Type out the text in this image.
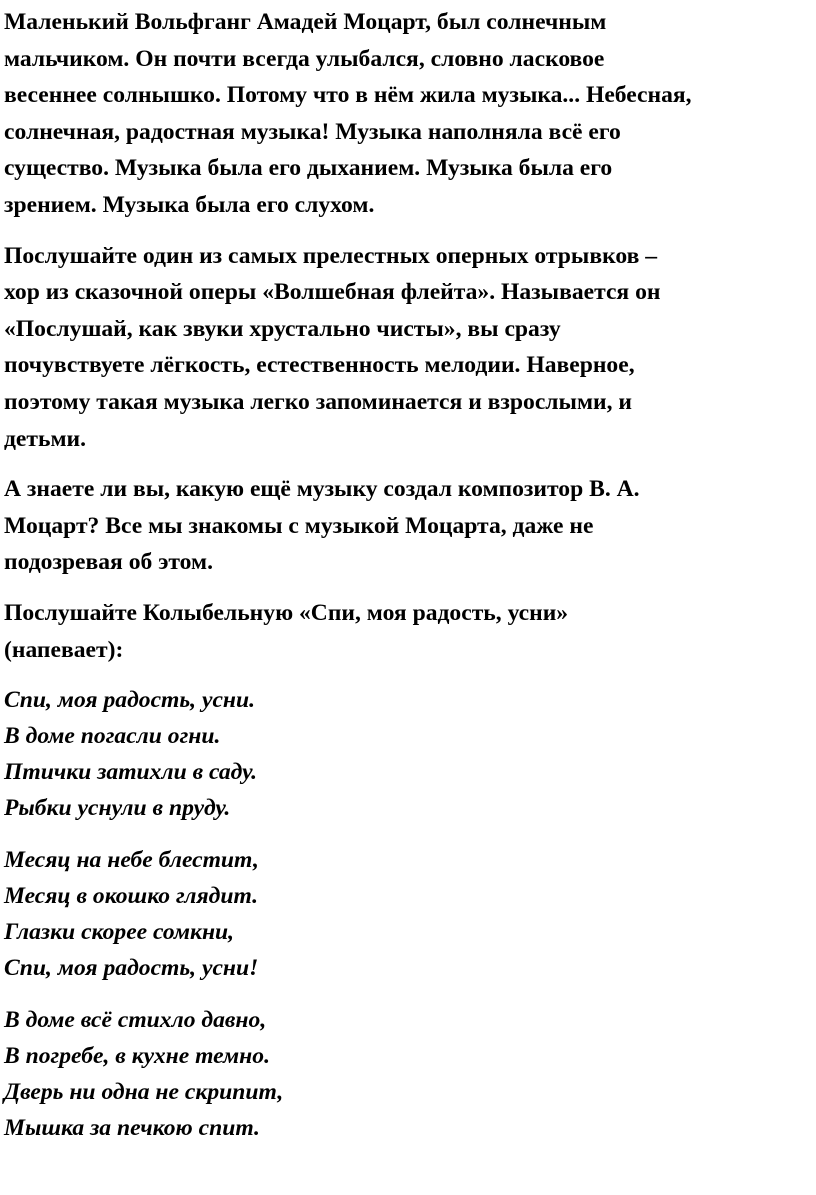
Маленький Вольфганг Амадей Моцарт, был солнечным
мальчиком. Он почти всегда улыбался, словно ласковое
весеннее солнышко. Потому что в нём жила музыка... Небесная,
солнечная, радостная музыка! Музыка наполняла всё его
существо. Музыка была его дыханием. Музыка была его
зрением. Музыка была его слухом.

Послушайте один из самых прелестных оперных отрывков –
хор из сказочной оперы «Волшебная флейта». Называется он
«Послушай, как звуки хрустально чисты», вы сразу
почувствуете лёгкость, естественность мелодии. Наверное,
поэтому такая музыка легко запоминается и взрослыми, и
детьми.

А знаете ли вы, какую ещё музыку создал композитор В. А.
Моцарт? Все мы знакомы с музыкой Моцарта, даже не
подозревая об этом.

Послушайте Колыбельную «Спи, моя радость, усни»
(напевает):

Спи, моя радость, усни.
В доме погасли огни.
Птички затихли в саду.
Рыбки уснули в пруду.

Месяц на небе блестит,
Месяц в окошко глядит.
Глазки скорее сомкни,
Спи, моя радость, усни!

В доме всё стихло давно,
В погребе, в кухне темно.
Дверь ни одна не скрипит,
Мышка за печкою спит.
